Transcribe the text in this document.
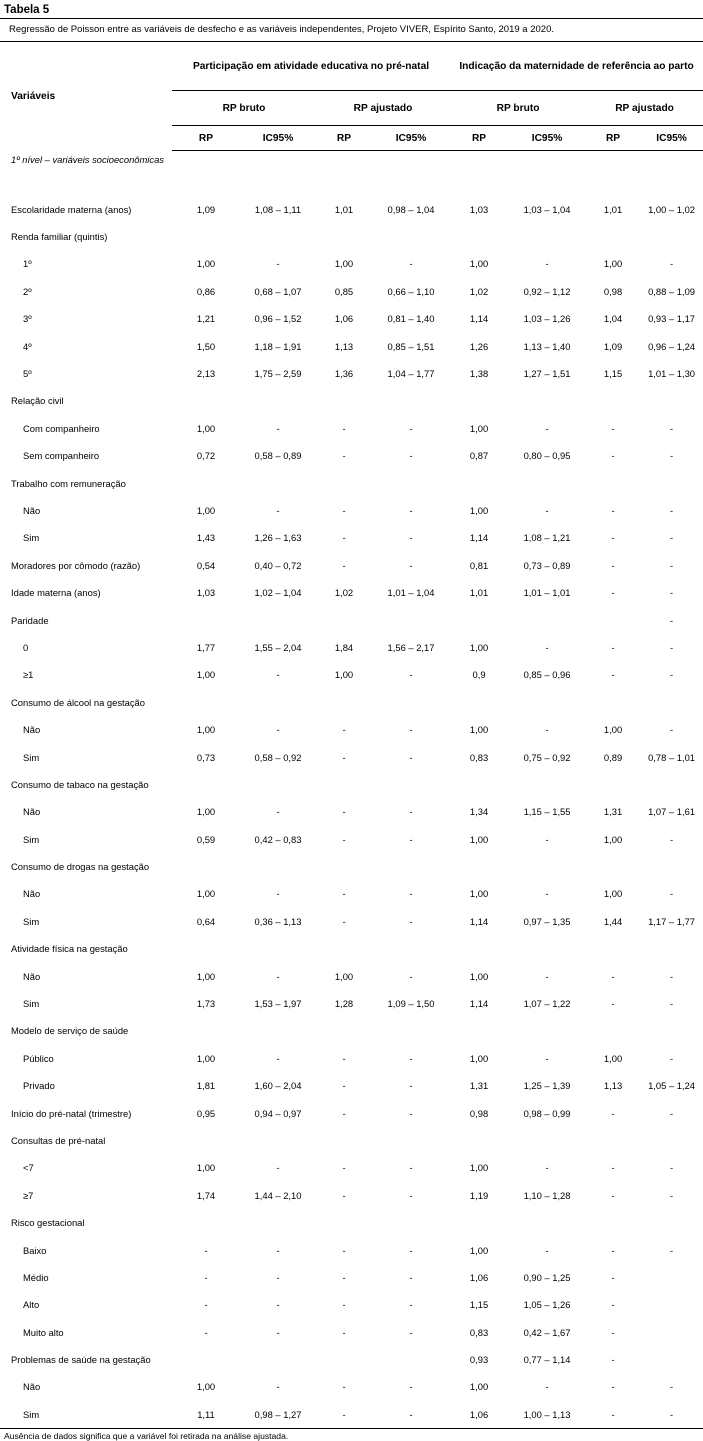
Tabela 5
Regressão de Poisson entre as variáveis de desfecho e as variáveis independentes, Projeto VIVER, Espírito Santo, 2019 a 2020.
Variáveis	Participação em atividade educativa no pré-natal				Indicação da maternidade de referência ao parto			
	RP bruto		RP ajustado		RP bruto		RP ajustado	
	RP	IC95%	RP	IC95%	RP	IC95%	RP	IC95%
1º nível – variáveis socioeconômicas								
Escolaridade materna (anos)	1,09	1,08 – 1,11	1,01	0,98 – 1,04	1,03	1,03 – 1,04	1,01	1,00 – 1,02
Renda familiar (quintis)								
1º	1,00	-	1,00	-	1,00	-	1,00	-
2º	0,86	0,68 – 1,07	0,85	0,66 – 1,10	1,02	0,92 – 1,12	0,98	0,88 – 1,09
3º	1,21	0,96 – 1,52	1,06	0,81 – 1,40	1,14	1,03 – 1,26	1,04	0,93 – 1,17
4º	1,50	1,18 – 1,91	1,13	0,85 – 1,51	1,26	1,13 – 1,40	1,09	0,96 – 1,24
5º	2,13	1,75 – 2,59	1,36	1,04 – 1,77	1,38	1,27 – 1,51	1,15	1,01 – 1,30
Relação civil								
Com companheiro	1,00	-	-	-	1,00	-	-	-
Sem companheiro	0,72	0,58 – 0,89	-	-	0,87	0,80 – 0,95	-	-
Trabalho com remuneração								
Não	1,00	-	-	-	1,00	-	-	-
Sim	1,43	1,26 – 1,63	-	-	1,14	1,08 – 1,21	-	-
Moradores por cômodo (razão)	0,54	0,40 – 0,72	-	-	0,81	0,73 – 0,89	-	-
Idade materna (anos)	1,03	1,02 – 1,04	1,02	1,01 – 1,04	1,01	1,01 – 1,01	-	-
Paridade								-
0	1,77	1,55 – 2,04	1,84	1,56 – 2,17	1,00	-	-	-
≥1	1,00	-	1,00	-	0,9	0,85 – 0,96	-	-
Consumo de álcool na gestação								
Não	1,00	-	-	-	1,00	-	1,00	-
Sim	0,73	0,58 – 0,92	-	-	0,83	0,75 – 0,92	0,89	0,78 – 1,01
Consumo de tabaco na gestação								
Não	1,00	-	-	-	1,34	1,15 – 1,55	1,31	1,07 – 1,61
Sim	0,59	0,42 – 0,83	-	-	1,00	-	1,00	-
Consumo de drogas na gestação								
Não	1,00	-	-	-	1,00	-	1,00	-
Sim	0,64	0,36 – 1,13	-	-	1,14	0,97 – 1,35	1,44	1,17 – 1,77
Atividade física na gestação								
Não	1,00	-	1,00	-	1,00	-	-	-
Sim	1,73	1,53 – 1,97	1,28	1,09 – 1,50	1,14	1,07 – 1,22	-	-
Modelo de serviço de saúde								
Público	1,00	-	-	-	1,00	-	1,00	-
Privado	1,81	1,60 – 2,04	-	-	1,31	1,25 – 1,39	1,13	1,05 – 1,24
Início do pré-natal (trimestre)	0,95	0,94 – 0,97	-	-	0,98	0,98 – 0,99	-	-
Consultas de pré-natal								
<7	1,00	-	-	-	1,00	-	-	-
≥7	1,74	1,44 – 2,10	-	-	1,19	1,10 – 1,28	-	-
Risco gestacional								
Baixo	-	-	-	-	1,00	-	-	-
Médio	-	-	-	-	1,06	0,90 – 1,25	-	
Alto	-	-	-	-	1,15	1,05 – 1,26	-	
Muito alto	-	-	-	-	0,83	0,42 – 1,67	-	
Problemas de saúde na gestação					0,93	0,77 – 1,14	-	
Não	1,00	-	-	-	1,00	-	-	-
Sim	1,11	0,98 – 1,27	-	-	1,06	1,00 – 1,13	-	-
Ausência de dados significa que a variável foi retirada na análise ajustada.
